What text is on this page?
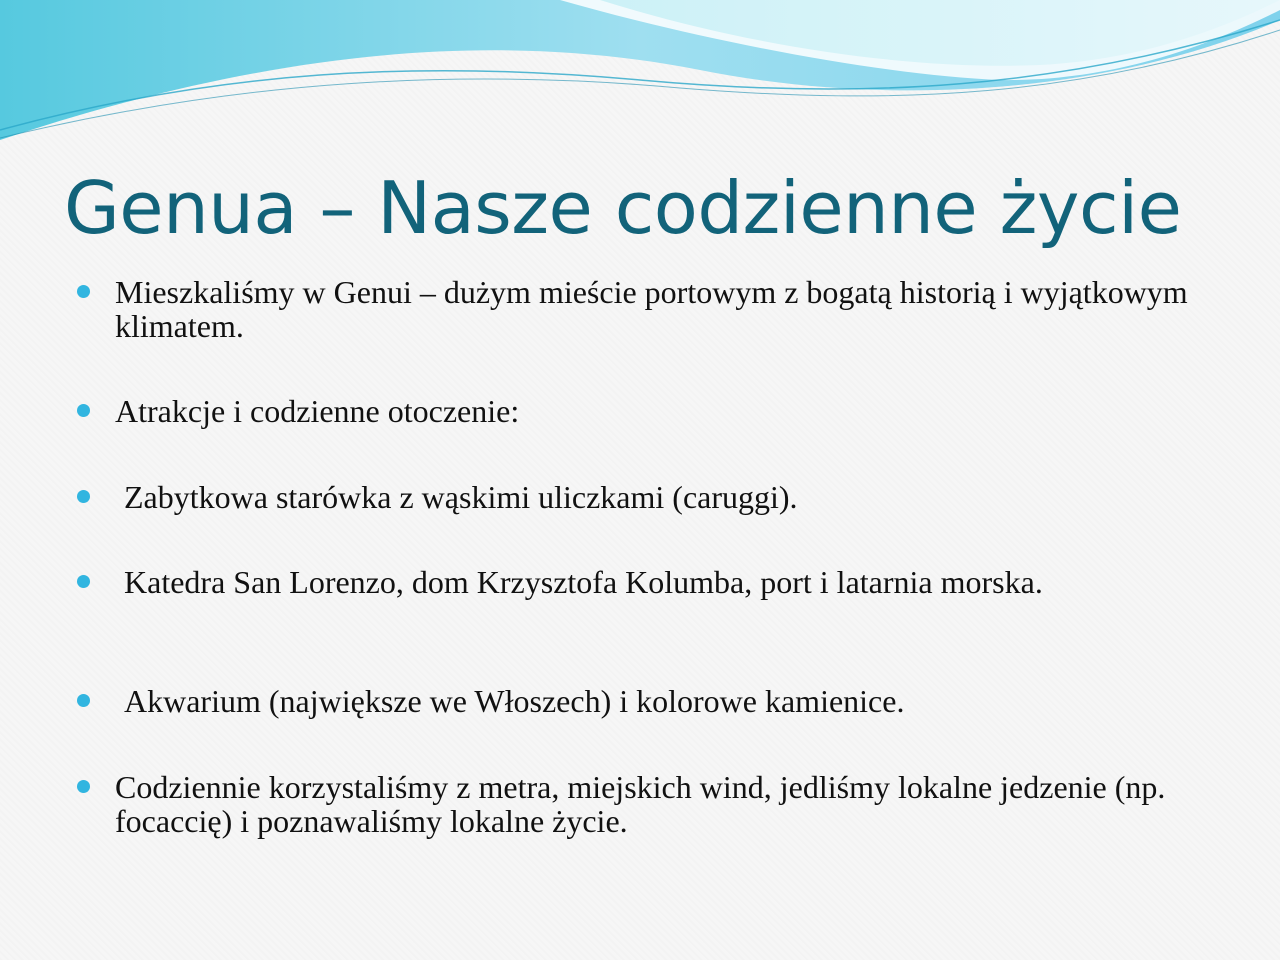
Genua – Nasze codzienne życie
Mieszkaliśmy w Genui – dużym mieście portowym z bogatą historią i wyjątkowym klimatem.
Atrakcje i codzienne otoczenie:
Zabytkowa starówka z wąskimi uliczkami (caruggi).
Katedra San Lorenzo, dom Krzysztofa Kolumba, port i latarnia morska.
Akwarium (największe we Włoszech) i kolorowe kamienice.
Codziennie korzystaliśmy z metra, miejskich wind, jedliśmy lokalne jedzenie (np. focaccię) i poznawaliśmy lokalne życie.
